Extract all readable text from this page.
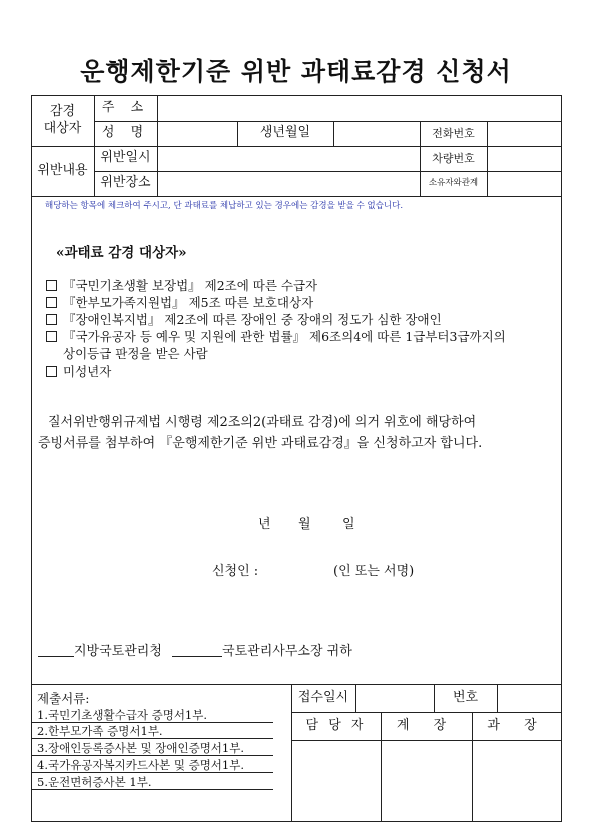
운행제한기준 위반 과태료감경 신청서
감경
대상자
주 소
성 명	생년월일	전화번호
위반내용
위반일시	차량번호
위반장소	소유자와관계
해당하는 항목에 체크하여 주시고, 단 과태료를 체납하고 있는 경우에는 감경을 받을 수 없습니다.
«과태료 감경 대상자»
『국민기초생활 보장법』 제2조에 따른 수급자
『한부모가족지원법』 제5조 따른 보호대상자
『장애인복지법』 제2조에 따른 장애인 중 장애의 정도가 심한 장애인
『국가유공자 등 예우 및 지원에 관한 법률』 제6조의4에 따른 1급부터3급까지의
상이등급 판정을 받은 사람
미성년자
질서위반행위규제법 시행령 제2조의2(과태료 감경)에 의거 위호에 해당하여
증빙서류를 첨부하여 『운행제한기준 위반 과태료감경』을 신청하고자 합니다.
년 월 일
신청인 :	(인 또는 서명)
지방국토관리청	국토관리사무소장 귀하
제출서류:
1.국민기초생활수급자 증명서1부.
2.한부모가족 증명서1부.
3.장애인등록증사본 및 장애인증명서1부.
4.국가유공자복지카드사본 및 증명서1부.
5.운전면허증사본 1부.
접수일시	번호
담 당 자	계 장	과 장
